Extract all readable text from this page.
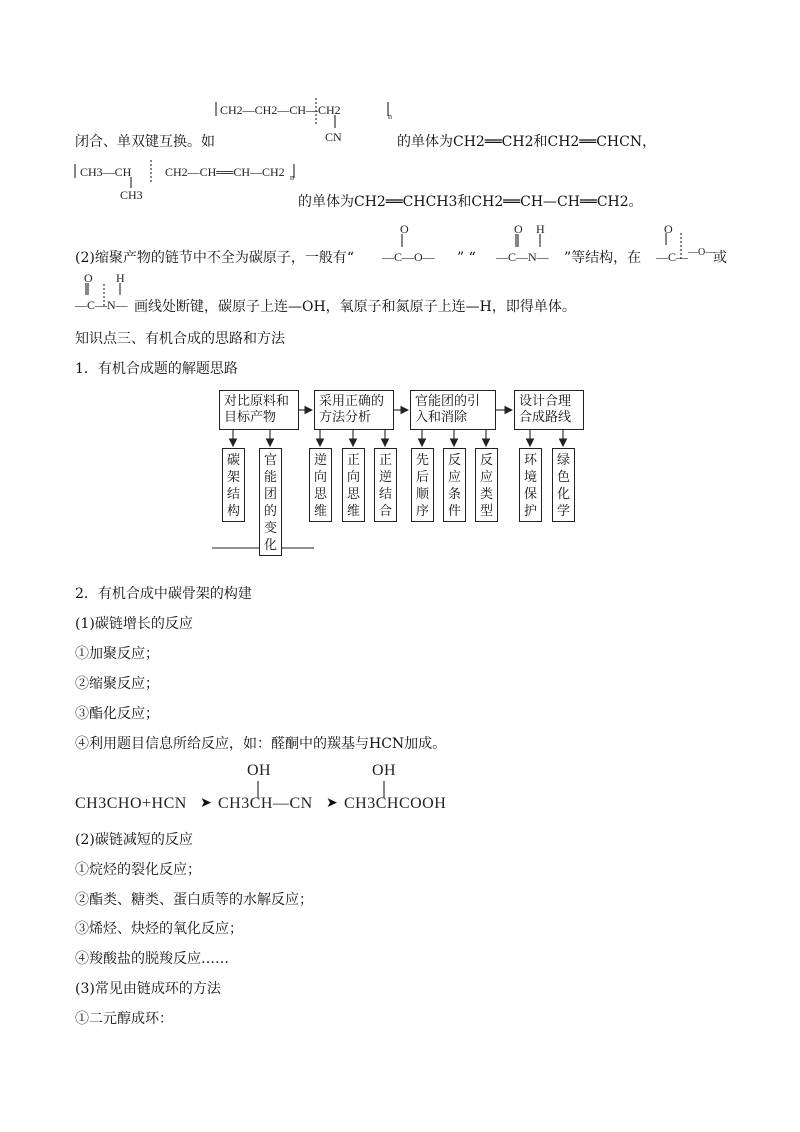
CH2—CH2—CH—CH2	n
CN
闭合、单双键互换。如	的单体为CH2══CH2和CH2══CHCN，
CH3—CH	CH2—CH══CH—CH2 n
CH3	的单体为CH2══CHCH3和CH2══CH—CH══CH2。
(2)缩聚产物的链节中不全为碳原子，一般有“
O
—C—O— ” “
O H
—C—N— ”等结构，在
O
—C— —O—
或
O H
—C—N— 画线处断键，碳原子上连—OH，氧原子和氮原子上连—H，即得单体。
知识点三、有机合成的思路和方法
1．有机合成题的解题思路
对比原料和目标产物
采用正确的方法分析
官能团的引入和消除
设计合理合成路线
碳架结构
官能团的变化
逆向思维
正向思维
正逆结合
先后顺序
反应条件
反应类型
环境保护
绿色化学
2．有机合成中碳骨架的构建
(1)碳链增长的反应
①加聚反应；
②缩聚反应；
③酯化反应；
④利用题目信息所给反应，如：醛酮中的羰基与HCN加成。
OH	OH
CH3CHO+HCN ➤ CH3CH —CN ➤ CH3CHCOOH
(2)碳链减短的反应
①烷烃的裂化反应；
②酯类、糖类、蛋白质等的水解反应；
③烯烃、炔烃的氧化反应；
④羧酸盐的脱羧反应……
(3)常见由链成环的方法
①二元醇成环：
